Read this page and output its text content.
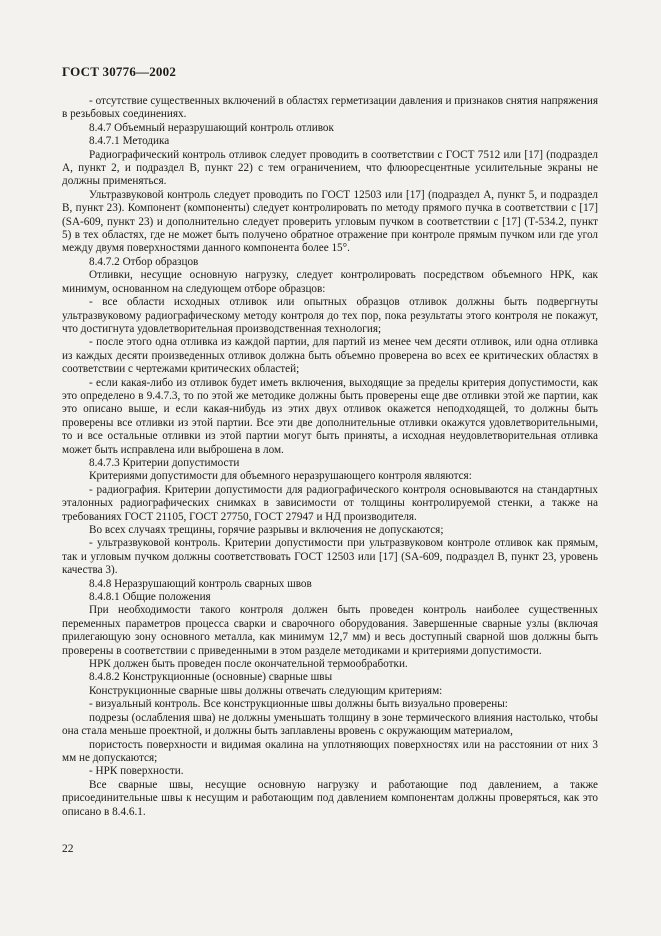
ГОСТ 30776—2002

- отсутствие существенных включений в областях герметизации давления и признаков снятия напряжения в резьбовых соединениях.

8.4.7 Объемный неразрушающий контроль отливок

8.4.7.1 Методика

Радиографический контроль отливок следует проводить в соответствии с ГОСТ 7512 или [17] (подраздел А, пункт 2, и подраздел В, пункт 22) с тем ограничением, что флюоресцентные усилительные экраны не должны применяться.

Ультразвуковой контроль следует проводить по ГОСТ 12503 или [17] (подраздел А, пункт 5, и подраздел В, пункт 23). Компонент (компоненты) следует контролировать по методу прямого пучка в соответствии с [17] (SA-609, пункт 23) и дополнительно следует проверить угловым пучком в соответствии с [17] (Т-534.2, пункт 5) в тех областях, где не может быть получено обратное отражение при контроле прямым пучком или где угол между двумя поверхностями данного компонента более 15°.

8.4.7.2 Отбор образцов

Отливки, несущие основную нагрузку, следует контролировать посредством объемного НРК, как минимум, основанном на следующем отборе образцов:

- все области исходных отливок или опытных образцов отливок должны быть подвергнуты ультразвуковому радиографическому методу контроля до тех пор, пока результаты этого контроля не покажут, что достигнута удовлетворительная производственная технология;

- после этого одна отливка из каждой партии, для партий из менее чем десяти отливок, или одна отливка из каждых десяти произведенных отливок должна быть объемно проверена во всех ее критических областях в соответствии с чертежами критических областей;

- если какая-либо из отливок будет иметь включения, выходящие за пределы критерия допустимости, как это определено в 9.4.7.3, то по этой же методике должны быть проверены еще две отливки этой же партии, как это описано выше, и если какая-нибудь из этих двух отливок окажется неподходящей, то должны быть проверены все отливки из этой партии. Все эти две дополнительные отливки окажутся удовлетворительными, то и все остальные отливки из этой партии могут быть приняты, а исходная неудовлетворительная отливка может быть исправлена или выброшена в лом.

8.4.7.3 Критерии допустимости

Критериями допустимости для объемного неразрушающего контроля являются:

- радиография. Критерии допустимости для радиографического контроля основываются на стандартных эталонных радиографических снимках в зависимости от толщины контролируемой стенки, а также на требованиях ГОСТ 21105, ГОСТ 27750, ГОСТ 27947 и НД производителя.

Во всех случаях трещины, горячие разрывы и включения не допускаются;

- ультразвуковой контроль. Критерии допустимости при ультразвуковом контроле отливок как прямым, так и угловым пучком должны соответствовать ГОСТ 12503 или [17] (SA-609, подраздел В, пункт 23, уровень качества 3).

8.4.8 Неразрушающий контроль сварных швов

8.4.8.1 Общие положения

При необходимости такого контроля должен быть проведен контроль наиболее существенных переменных параметров процесса сварки и сварочного оборудования. Завершенные сварные узлы (включая прилегающую зону основного металла, как минимум 12,7 мм) и весь доступный сварной шов должны быть проверены в соответствии с приведенными в этом разделе методиками и критериями допустимости.

НРК должен быть проведен после окончательной термообработки.

8.4.8.2 Конструкционные (основные) сварные швы

Конструкционные сварные швы должны отвечать следующим критериям:

- визуальный контроль. Все конструкционные швы должны быть визуально проверены:

подрезы (ослабления шва) не должны уменьшать толщину в зоне термического влияния настолько, чтобы она стала меньше проектной, и должны быть заплавлены вровень с окружающим материалом,

пористость поверхности и видимая окалина на уплотняющих поверхностях или на расстоянии от них 3 мм не допускаются;

- НРК поверхности.

Все сварные швы, несущие основную нагрузку и работающие под давлением, а также присоединительные швы к несущим и работающим под давлением компонентам должны проверяться, как это описано в 8.4.6.1.

22
